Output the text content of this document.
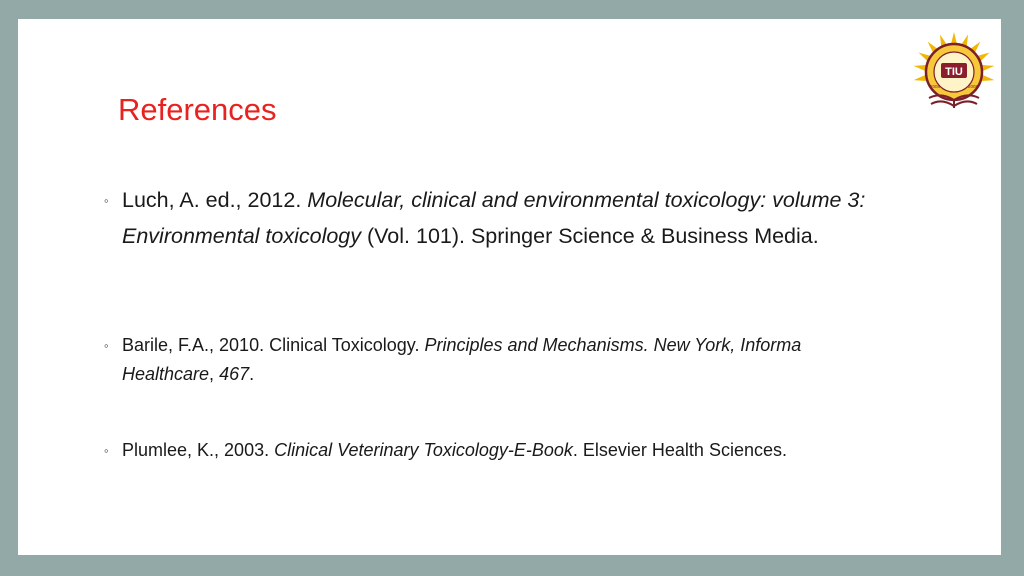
TIU
2008	2008
References
◦ Luch, A. ed., 2012. Molecular, clinical and environmental toxicology: volume 3: Environmental toxicology (Vol. 101). Springer Science & Business Media.
◦ Barile, F.A., 2010. Clinical Toxicology. Principles and Mechanisms. New York, Informa Healthcare, 467.
◦ Plumlee, K., 2003. Clinical Veterinary Toxicology-E-Book. Elsevier Health Sciences.
